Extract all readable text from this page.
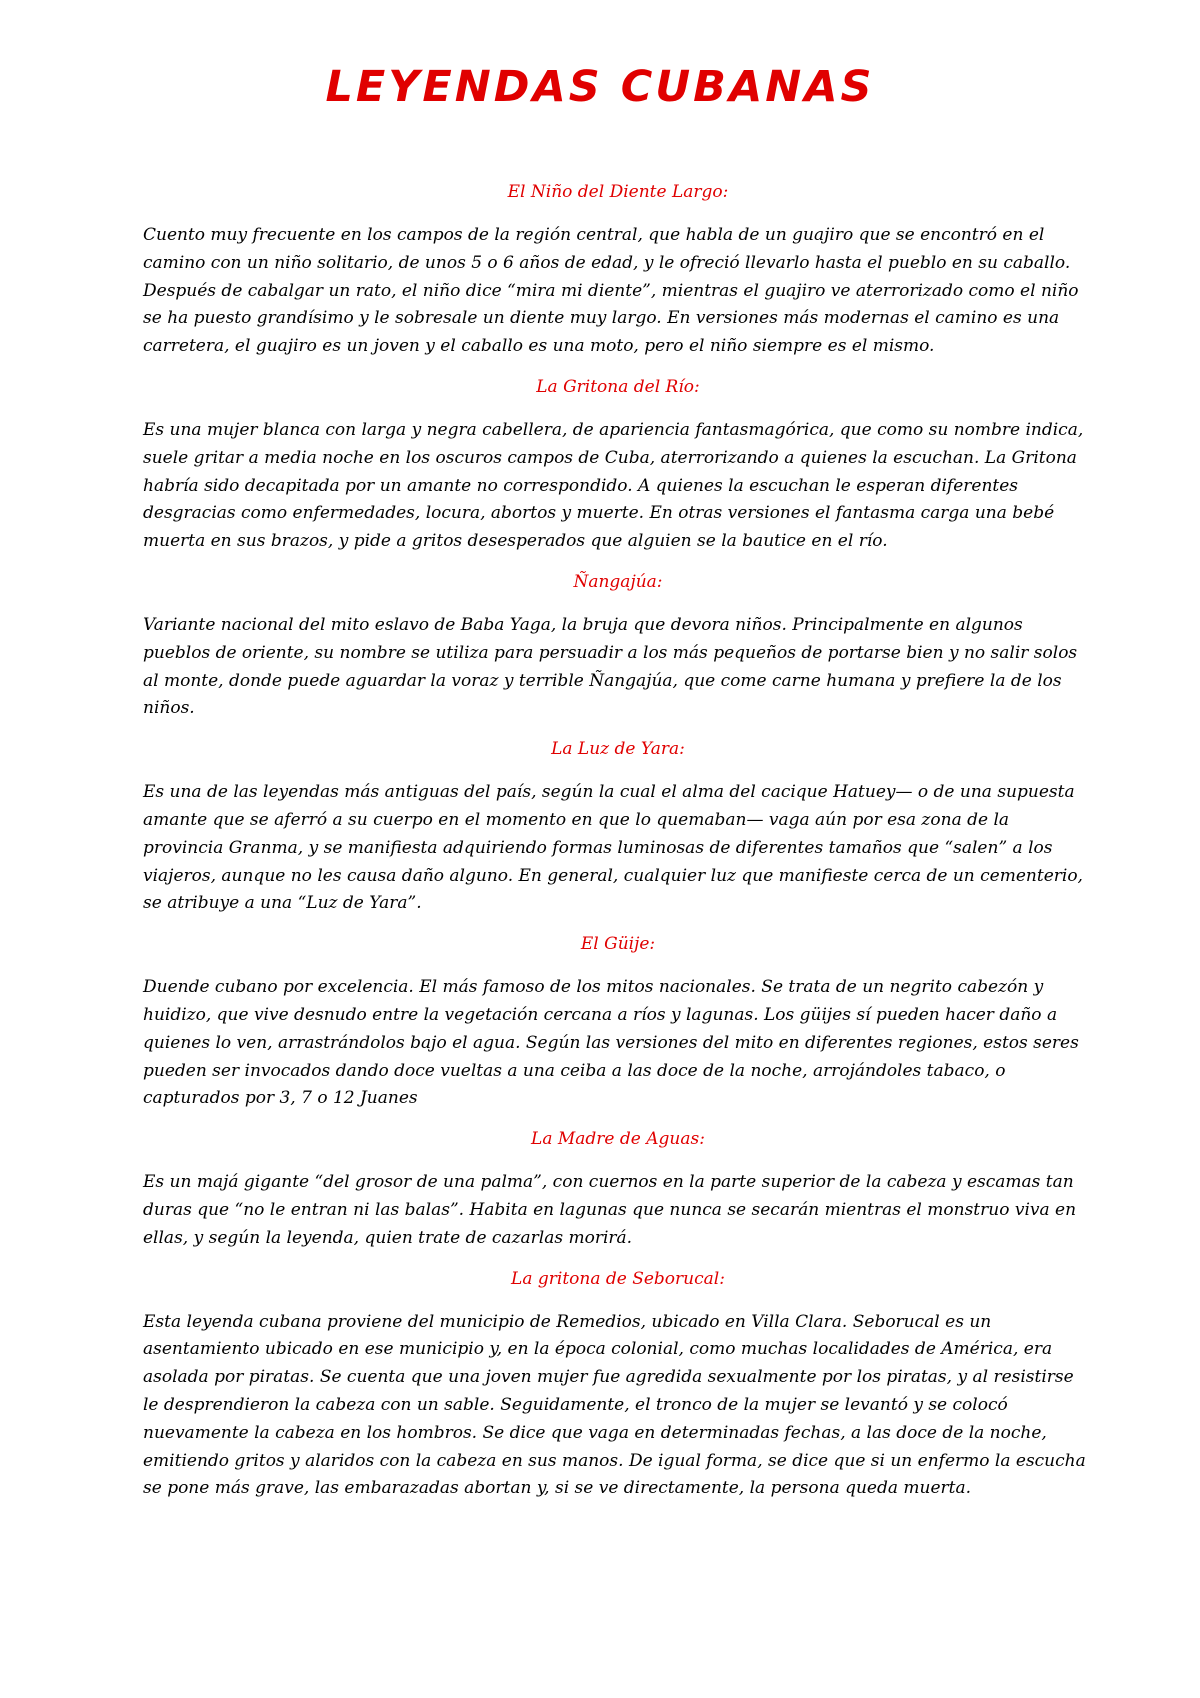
LEYENDAS CUBANAS

El Niño del Diente Largo:

Cuento muy frecuente en los campos de la región central, que habla de un guajiro que se encontró en el camino con un niño solitario, de unos 5 o 6 años de edad, y le ofreció llevarlo hasta el pueblo en su caballo. Después de cabalgar un rato, el niño dice “mira mi diente”, mientras el guajiro ve aterrorizado como el niño se ha puesto grandísimo y le sobresale un diente muy largo. En versiones más modernas el camino es una carretera, el guajiro es un joven y el caballo es una moto, pero el niño siempre es el mismo.

La Gritona del Río:

Es una mujer blanca con larga y negra cabellera, de apariencia fantasmagórica, que como su nombre indica, suele gritar a media noche en los oscuros campos de Cuba, aterrorizando a quienes la escuchan. La Gritona habría sido decapitada por un amante no correspondido. A quienes la escuchan le esperan diferentes desgracias como enfermedades, locura, abortos y muerte. En otras versiones el fantasma carga una bebé muerta en sus brazos, y pide a gritos desesperados que alguien se la bautice en el río.

Ñangajúa:

Variante nacional del mito eslavo de Baba Yaga, la bruja que devora niños. Principalmente en algunos pueblos de oriente, su nombre se utiliza para persuadir a los más pequeños de portarse bien y no salir solos al monte, donde puede aguardar la voraz y terrible Ñangajúa, que come carne humana y prefiere la de los niños.

La Luz de Yara:

Es una de las leyendas más antiguas del país, según la cual el alma del cacique Hatuey— o de una supuesta amante que se aferró a su cuerpo en el momento en que lo quemaban— vaga aún por esa zona de la provincia Granma, y se manifiesta adquiriendo formas luminosas de diferentes tamaños que “salen” a los viajeros, aunque no les causa daño alguno. En general, cualquier luz que manifieste cerca de un cementerio, se atribuye a una “Luz de Yara”.

El Güije:

Duende cubano por excelencia. El más famoso de los mitos nacionales. Se trata de un negrito cabezón y huidizo, que vive desnudo entre la vegetación cercana a ríos y lagunas. Los güijes sí pueden hacer daño a quienes lo ven, arrastrándolos bajo el agua. Según las versiones del mito en diferentes regiones, estos seres pueden ser invocados dando doce vueltas a una ceiba a las doce de la noche, arrojándoles tabaco, o capturados por 3, 7 o 12 Juanes

La Madre de Aguas:

Es un majá gigante “del grosor de una palma”, con cuernos en la parte superior de la cabeza y escamas tan duras que “no le entran ni las balas”. Habita en lagunas que nunca se secarán mientras el monstruo viva en ellas, y según la leyenda, quien trate de cazarlas morirá.

La gritona de Seborucal:

Esta leyenda cubana proviene del municipio de Remedios, ubicado en Villa Clara. Seborucal es un asentamiento ubicado en ese municipio y, en la época colonial, como muchas localidades de América, era asolada por piratas. Se cuenta que una joven mujer fue agredida sexualmente por los piratas, y al resistirse le desprendieron la cabeza con un sable. Seguidamente, el tronco de la mujer se levantó y se colocó nuevamente la cabeza en los hombros. Se dice que vaga en determinadas fechas, a las doce de la noche, emitiendo gritos y alaridos con la cabeza en sus manos. De igual forma, se dice que si un enfermo la escucha se pone más grave, las embarazadas abortan y, si se ve directamente, la persona queda muerta.
